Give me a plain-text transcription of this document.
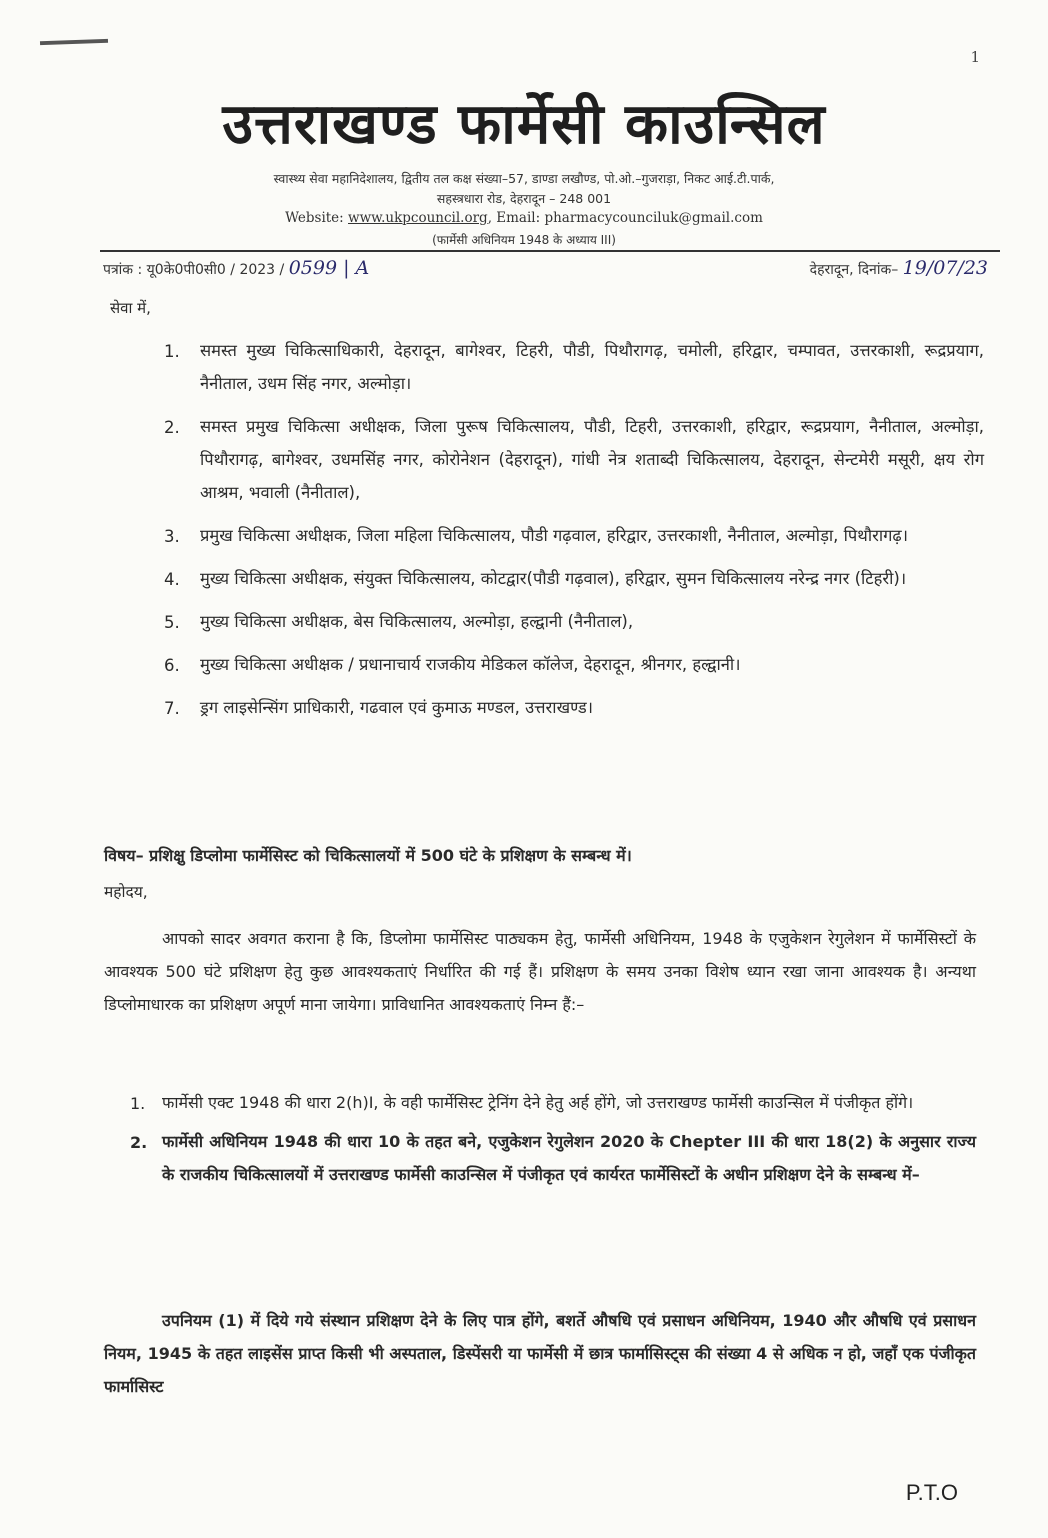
1
उत्तराखण्ड फार्मेसी काउन्सिल
स्वास्थ्य सेवा महानिदेशालय, द्वितीय तल कक्ष संख्या–57, डाण्डा लखौण्ड, पो.ओ.–गुजराड़ा, निकट आई.टी.पार्क,
सहस्त्रधारा रोड, देहरादून – 248 001
Website: www.ukpcouncil.org, Email: pharmacycounciluk@gmail.com
(फार्मेसी अधिनियम 1948 के अध्याय III)
पत्रांक : यू0के0पी0सी0 / 2023 / 0599 | A	देहरादून, दिनांक– 19/07/23
सेवा में,
1.	समस्त मुख्य चिकित्साधिकारी, देहरादून, बागेश्वर, टिहरी, पौडी, पिथौरागढ़, चमोली, हरिद्वार, चम्पावत, उत्तरकाशी, रूद्रप्रयाग, नैनीताल, उधम सिंह नगर, अल्मोड़ा।
2.	समस्त प्रमुख चिकित्सा अधीक्षक, जिला पुरूष चिकित्सालय, पौडी, टिहरी, उत्तरकाशी, हरिद्वार, रूद्रप्रयाग, नैनीताल, अल्मोड़ा, पिथौरागढ़, बागेश्वर, उधमसिंह नगर, कोरोनेशन (देहरादून), गांधी नेत्र शताब्दी चिकित्सालय, देहरादून, सेन्टमेरी मसूरी, क्षय रोग आश्रम, भवाली (नैनीताल),
3.	प्रमुख चिकित्सा अधीक्षक, जिला महिला चिकित्सालय, पौडी गढ़वाल, हरिद्वार, उत्तरकाशी, नैनीताल, अल्मोड़ा, पिथौरागढ़।
4.	मुख्य चिकित्सा अधीक्षक, संयुक्त चिकित्सालय, कोटद्वार(पौडी गढ़वाल), हरिद्वार, सुमन चिकित्सालय नरेन्द्र नगर (टिहरी)।
5.	मुख्य चिकित्सा अधीक्षक, बेस चिकित्सालय, अल्मोड़ा, हल्द्वानी (नैनीताल),
6.	मुख्य चिकित्सा अधीक्षक / प्रधानाचार्य राजकीय मेडिकल कॉलेज, देहरादून, श्रीनगर, हल्द्वानी।
7.	ड्रग लाइसेन्सिंग प्राधिकारी, गढवाल एवं कुमाऊ मण्डल, उत्तराखण्ड।
विषय– प्रशिक्षु डिप्लोमा फार्मेसिस्ट को चिकित्सालयों में 500 घंटे के प्रशिक्षण के सम्बन्ध में।
महोदय,
आपको सादर अवगत कराना है कि, डिप्लोमा फार्मेसिस्ट पाठ्यकम हेतु, फार्मेसी अधिनियम, 1948 के एजुकेशन रेगुलेशन में फार्मेसिस्टों के आवश्यक 500 घंटे प्रशिक्षण हेतु कुछ आवश्यकताएं निर्धारित की गई हैं। प्रशिक्षण के समय उनका विशेष ध्यान रखा जाना आवश्यक है। अन्यथा डिप्लोमाधारक का प्रशिक्षण अपूर्ण माना जायेगा। प्राविधानित आवश्यकताएं निम्न हैं:–
1.	फार्मेसी एक्ट 1948 की धारा 2(h)I, के वही फार्मेसिस्ट ट्रेनिंग देने हेतु अर्ह होंगे, जो उत्तराखण्ड फार्मेसी काउन्सिल में पंजीकृत होंगे।
2. फार्मेसी अधिनियम 1948 की धारा 10 के तहत बने, एजुकेशन रेगुलेशन 2020 के Chepter III की धारा 18(2) के अनुसार राज्य के राजकीय चिकित्सालयों में उत्तराखण्ड फार्मेसी काउन्सिल में पंजीकृत एवं कार्यरत फार्मेसिस्टों के अधीन प्रशिक्षण देने के सम्बन्ध में–
उपनियम (1) में दिये गये संस्थान प्रशिक्षण देने के लिए पात्र होंगे, बशर्ते औषधि एवं प्रसाधन अधिनियम, 1940 और औषधि एवं प्रसाधन नियम, 1945 के तहत लाइसेंस प्राप्त किसी भी अस्पताल, डिस्पेंसरी या फार्मेसी में छात्र फार्मासिस्ट्स की संख्या 4 से अधिक न हो, जहाँ एक पंजीकृत फार्मासिस्ट
P.T.O
